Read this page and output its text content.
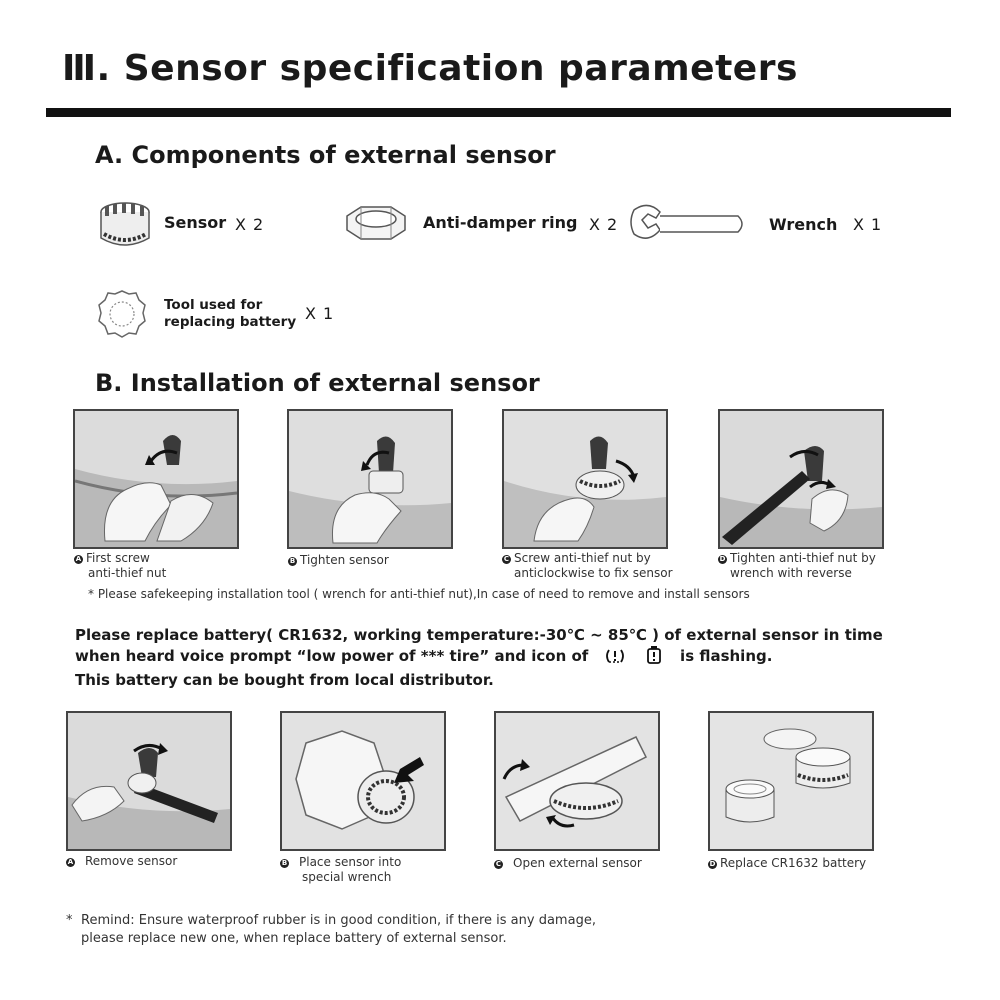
Ⅲ. Sensor specification parameters
A. Components of external sensor
Sensor X 2	Anti-damper ring X 2	Wrench X 1
Tool used for
replacing battery X 1
B. Installation of external sensor
A First screw
anti-thief nut
B Tighten sensor	C Screw anti-thief nut by
anticlockwise to fix sensor
D Tighten anti-thief nut by
wrench with reverse
* Please safekeeping installation tool ( wrench for anti-thief nut),In case of need to remove and install sensors
Please replace battery( CR1632, working temperature:-30℃ ~ 85℃ ) of external sensor in time
when heard voice prompt “low power of *** tire” and icon of	is flashing.
This battery can be bought from local distributor.
A Remove sensor	B Place sensor into
special wrench
C Open external sensor	D Replace CR1632 battery
* Remind: Ensure waterproof rubber is in good condition, if there is any damage,
please replace new one, when replace battery of external sensor.
